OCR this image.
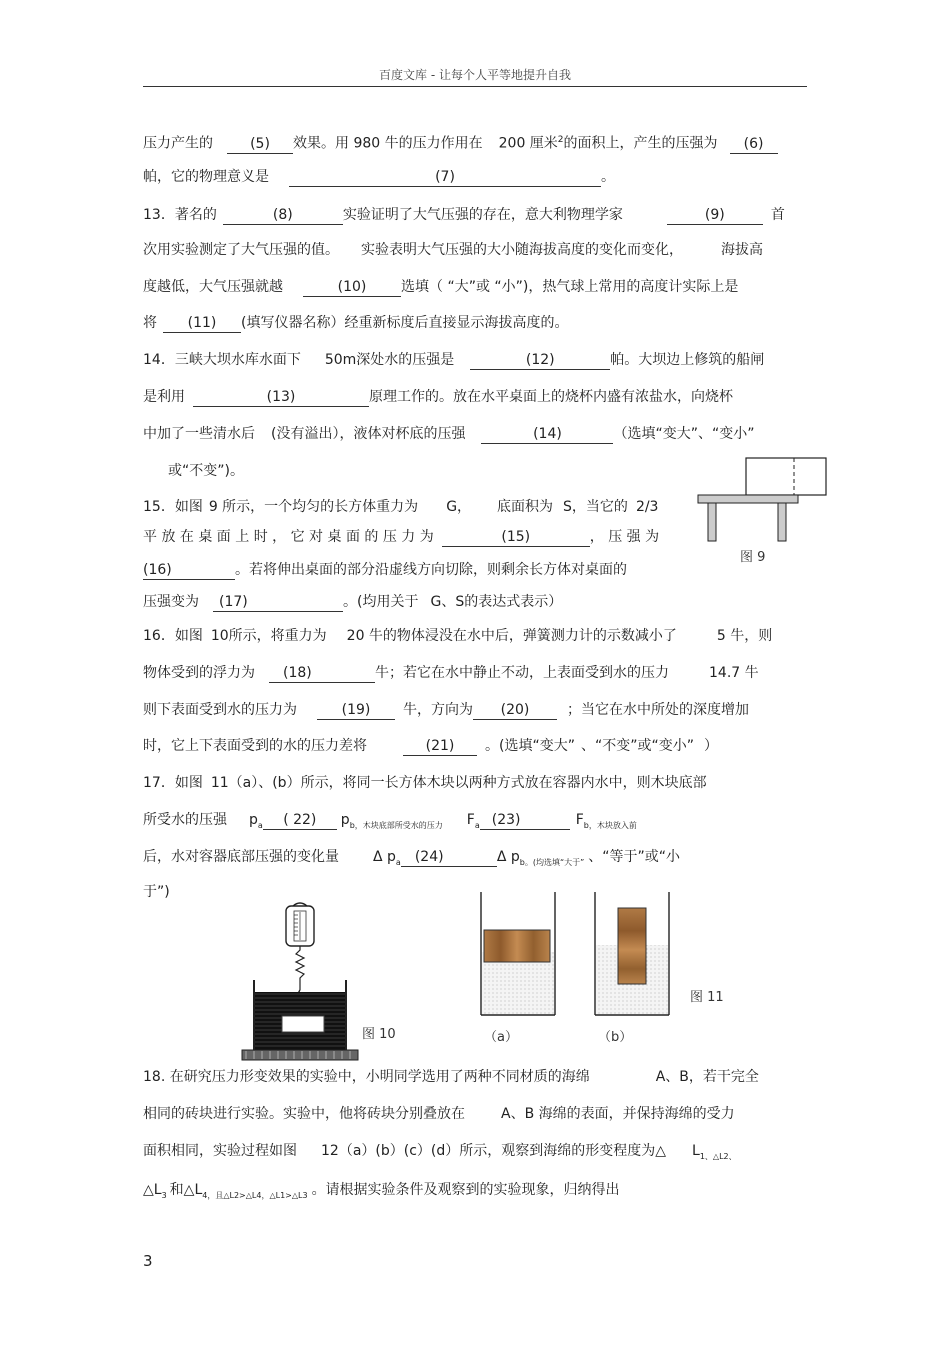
百度文库 - 让每个人平等地提升自我
压力产生的	(5) 效果。用 980 牛的压力作用在 200 厘米$^2$的面积上，产生的压强为 (6)
帕，它的物理意义是	(7)	。
13．著名的	(8)	实验证明了大气压强的存在，意大利物理学家	(9)	首
次用实验测定了大气压强的值。 实验表明大气压强的大小随海拔高度的变化而变化，	海拔高
度越低，大气压强就越	(10) 选填（ “大”或 “小”)，热气球上常用的高度计实际上是
将 (11) (填写仪器名称）经重新标度后直接显示海拔高度的。
14．三峡大坝水库水面下 50m深处水的压强是	(12)	帕。大坝边上修筑的船闸
是利用	(13)	原理工作的。放在水平桌面上的烧杯内盛有浓盐水，向烧杯
中加了一些清水后 (没有溢出），液体对杯底的压强	(14)	（选填“变大”、“变小”
或“不变”)。
图 9
15．如图 9 所示，一个均匀的长方体重力为 G， 底面积为 S，当它的 2/3
平 放 在 桌 面 上 时 ， 它 对 桌 面 的 压 力 为	(15)	， 压 强 为
(16)	。若将伸出桌面的部分沿虚线方向切除，则剩余长方体对桌面的
压强变为 (17)	。(均用关于 G、S的表达式表示）
16．如图 10所示，将重力为 20 牛的物体浸没在水中后，弹簧测力计的示数减小了	5 牛，则
物体受到的浮力为 (18)	牛；若它在水中静止不动，上表面受到水的压力	14.7 牛
则下表面受到水的压力为	(19) 牛，方向为 (20)	；当它在水中所处的深度增加
时，它上下表面受到的水的压力差将	(21) 。(选填“变大” 、“不变”或“变小” ）
17．如图 11（a）、(b）所示，将同一长方体木块以两种方式放在容器内水中，则木块底部
所受水的压强 $p_a$ ( 22) $p_{b,木块底部所受水的压力}$ $F_a$ (23)	$F_{b,木块放入前}$
后，水对容器底部压强的变化量 Δ $p_a$ (24)	Δ $p_{b。(均选填“大于”}$ 、“等于”或“小
于”)
图 10	（a）	（b）
图 11
18. 在研究压力形变效果的实验中，小明同学选用了两种不同材质的海绵	A、B，若干完全
相同的砖块进行实验。实验中，他将砖块分别叠放在	A、B 海绵的表面，并保持海绵的受力
面积相同，实验过程如图 12（a）(b）(c）(d）所示，观察到海绵的形变程度为△ $L_{1、\triangle L2、}$
$\triangle L_3$ 和$\triangle L_{4,且\triangle L2>\triangle L4,\triangle L1>\triangle L3}$ 。请根据实验条件及观察到的实验现象，归纳得出
3
